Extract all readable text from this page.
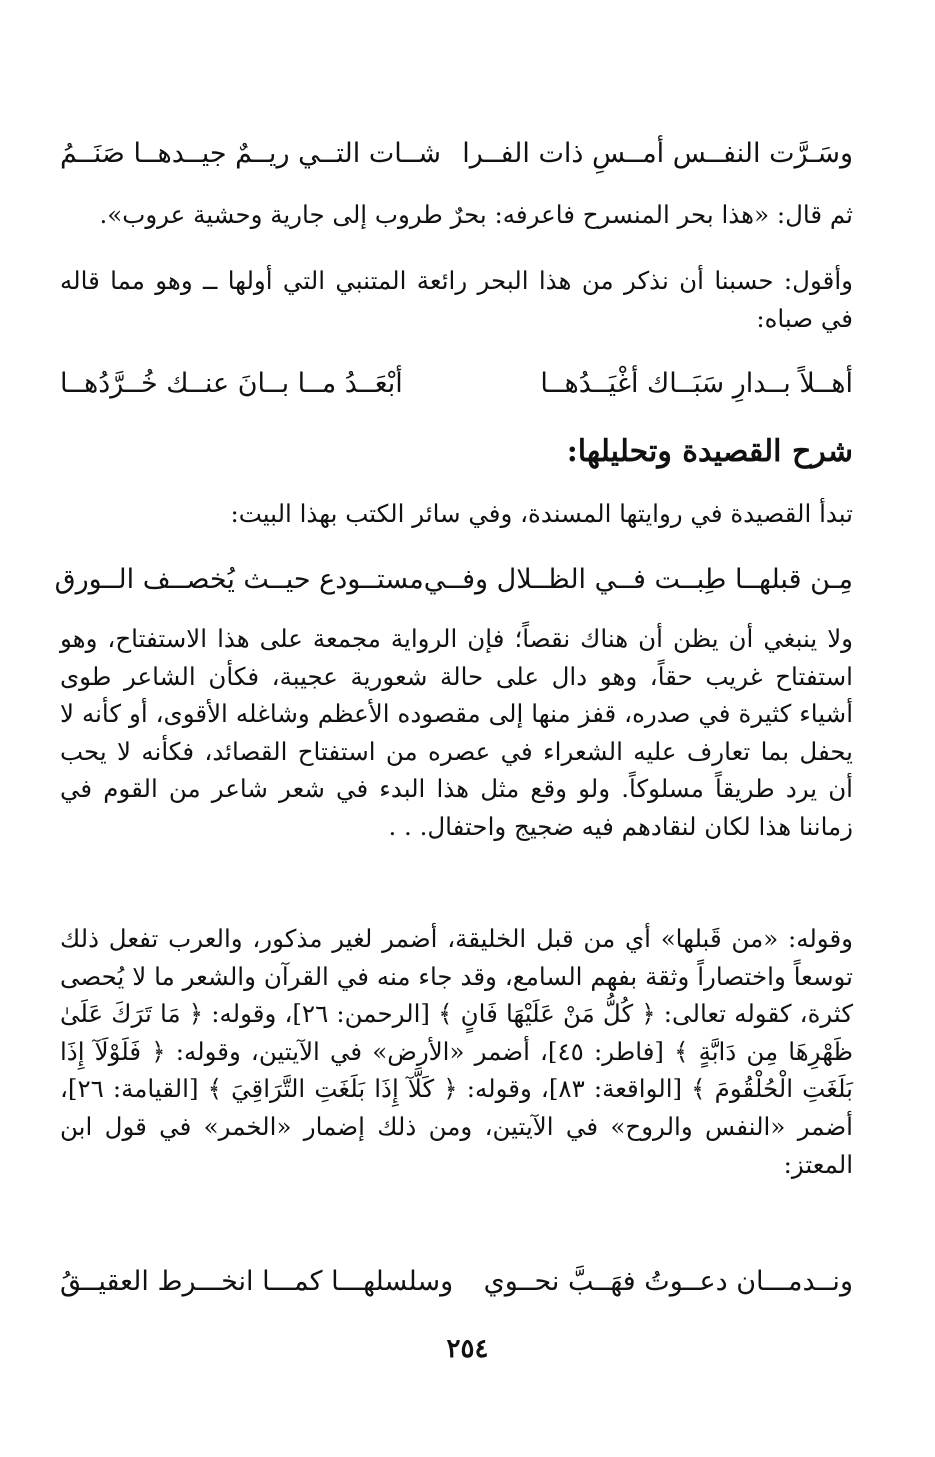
وسَـرَّت النفــس أمــسِ ذات الفــرا
شــات التــي ريــمٌ جيــدهــا صَنَــمُ

ثم قال: «هذا بحر المنسرح فاعرفه: بحرٌ طروب إلى جارية وحشية عروب».

وأقول: حسبنا أن نذكر من هذا البحر رائعة المتنبي التي أولها ــ وهو مما قاله في صباه:

أهــلاً بــدارِ سَبَــاك أغْيَــدُهــا
أبْعَــدُ مــا بــانَ عنــك خُــرَّدُهــا
شرح القصيدة وتحليلها:

تبدأ القصيدة في روايتها المسندة، وفي سائر الكتب بهذا البيت:

مِـن قبلهــا طِبــت فــي الظــلال وفــي
مستــودع حيــث يُخصــف الــورق

ولا ينبغي أن يظن أن هناك نقصاً؛ فإن الرواية مجمعة على هذا الاستفتاح، وهو استفتاح غريب حقاً، وهو دال على حالة شعورية عجيبة، فكأن الشاعر طوى أشياء كثيرة في صدره، قفز منها إلى مقصوده الأعظم وشاغله الأقوى، أو كأنه لا يحفل بما تعارف عليه الشعراء في عصره من استفتاح القصائد، فكأنه لا يحب أن يرد طريقاً مسلوكاً. ولو وقع مثل هذا البدء في شعر شاعر من القوم في زماننا هذا لكان لنقادهم فيه ضجيج واحتفال. . .

وقوله: «من قَبلها» أي من قبل الخليقة، أضمر لغير مذكور، والعرب تفعل ذلك توسعاً واختصاراً وثقة بفهم السامع، وقد جاء منه في القرآن والشعر ما لا يُحصى كثرة، كقوله تعالى: ﴿ كُلُّ مَنْ عَلَيْهَا فَانٍ ﴾ [الرحمن: ٢٦]، وقوله: ﴿ مَا تَرَكَ عَلَىٰ ظَهْرِهَا مِن دَابَّةٍ ﴾ [فاطر: ٤٥]، أضمر «الأرض» في الآيتين، وقوله: ﴿ فَلَوْلَآ إِذَا بَلَغَتِ الْحُلْقُومَ ﴾ [الواقعة: ٨٣]، وقوله: ﴿ كَلَّآ إِذَا بَلَغَتِ التَّرَاقِيَ ﴾ [القيامة: ٢٦]، أضمر «النفس والروح» في الآيتين، ومن ذلك إضمار «الخمر» في قول ابن المعتز:

ونــدمـــان دعــوتُ فهَــبَّ نحــوي
وسلسلهـــا كمـــا انخـــرط العقيــقُ
٢٥٤
